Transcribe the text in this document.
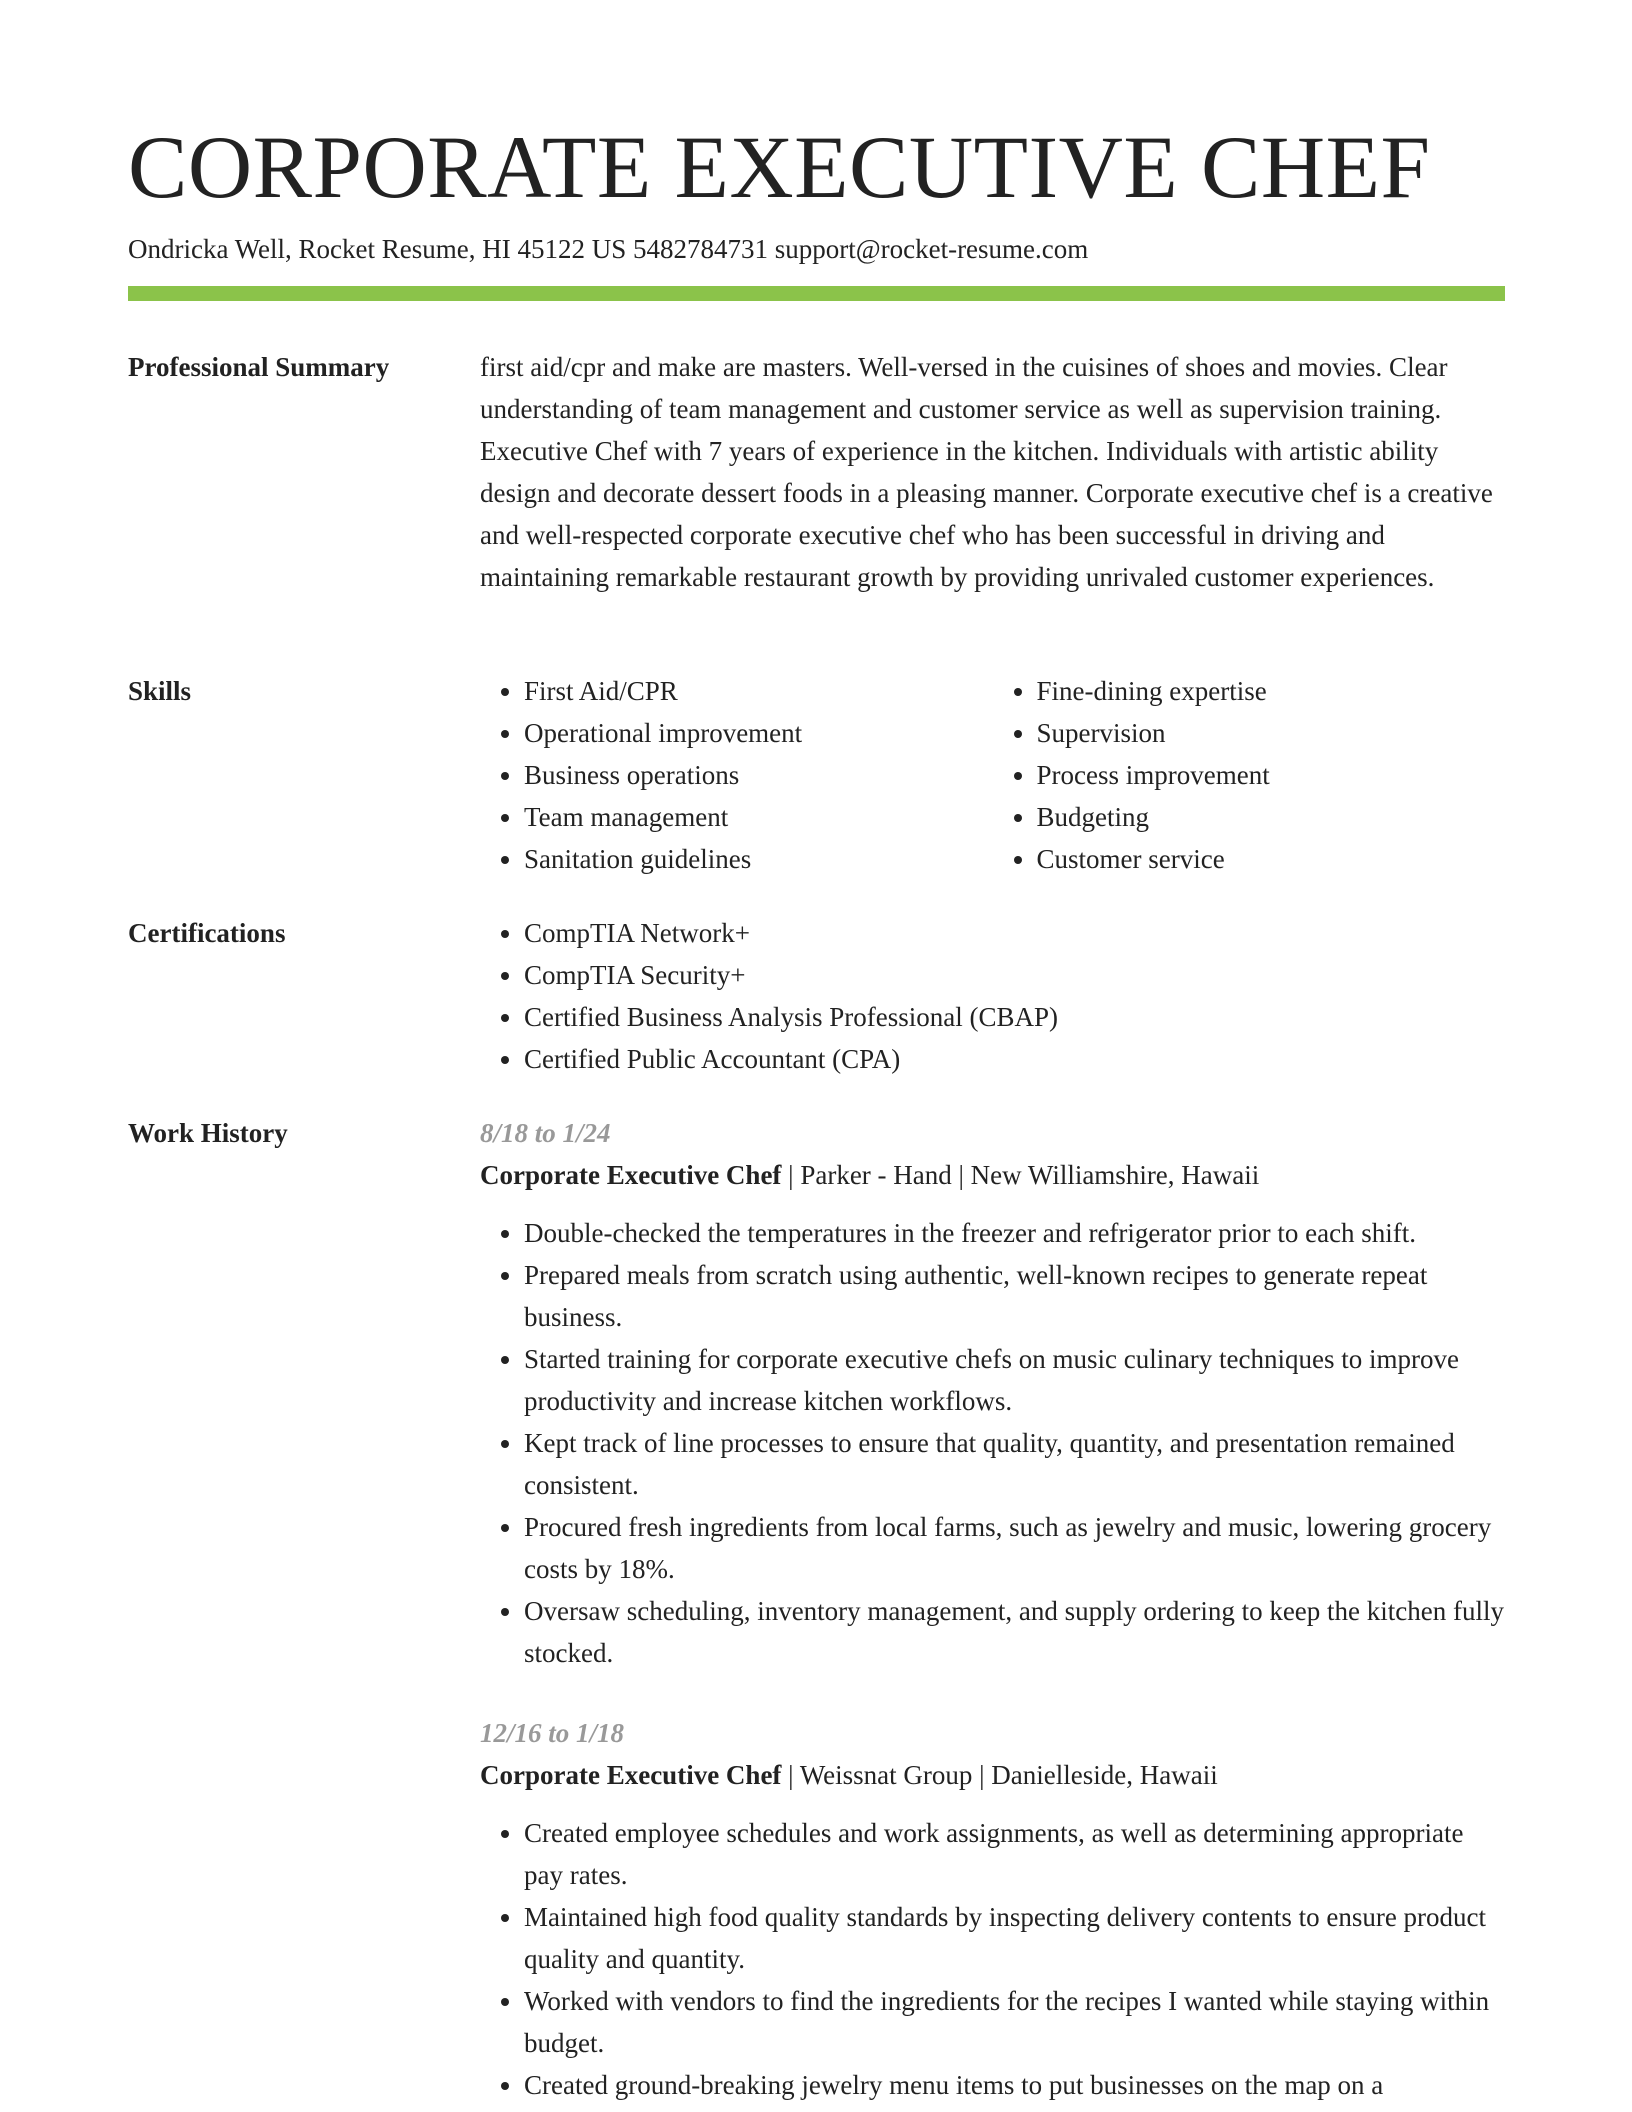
CORPORATE EXECUTIVE CHEF
Ondricka Well, Rocket Resume, HI 45122 US 5482784731 support@rocket-resume.com
Professional Summary	first aid/cpr and make are masters. Well-versed in the cuisines of shoes and movies. Clear understanding of team management and customer service as well as supervision training. Executive Chef with 7 years of experience in the kitchen. Individuals with artistic ability design and decorate dessert foods in a pleasing manner. Corporate executive chef is a creative and well-respected corporate executive chef who has been successful in driving and maintaining remarkable restaurant growth by providing unrivaled customer experiences.

Skills	• First Aid/CPR
• Operational improvement
• Business operations
• Team management
• Sanitation guidelines
• Fine-dining expertise
• Supervision
• Process improvement
• Budgeting
• Customer service
Certifications	• CompTIA Network+
• CompTIA Security+
• Certified Business Analysis Professional (CBAP)
• Certified Public Accountant (CPA)
Work History	8/18 to 1/24
Corporate Executive Chef | Parker - Hand | New Williamshire, Hawaii
• Double-checked the temperatures in the freezer and refrigerator prior to each shift.
• Prepared meals from scratch using authentic, well-known recipes to generate repeat business.
• Started training for corporate executive chefs on music culinary techniques to improve productivity and increase kitchen workflows.
• Kept track of line processes to ensure that quality, quantity, and presentation remained consistent.
• Procured fresh ingredients from local farms, such as jewelry and music, lowering grocery costs by 18%.
• Oversaw scheduling, inventory management, and supply ordering to keep the kitchen fully stocked.
12/16 to 1/18
Corporate Executive Chef | Weissnat Group | Danielleside, Hawaii
• Created employee schedules and work assignments, as well as determining appropriate pay rates.
• Maintained high food quality standards by inspecting delivery contents to ensure product quality and quantity.
• Worked with vendors to find the ingredients for the recipes I wanted while staying within budget.
• Created ground-breaking jewelry menu items to put businesses on the map on a
